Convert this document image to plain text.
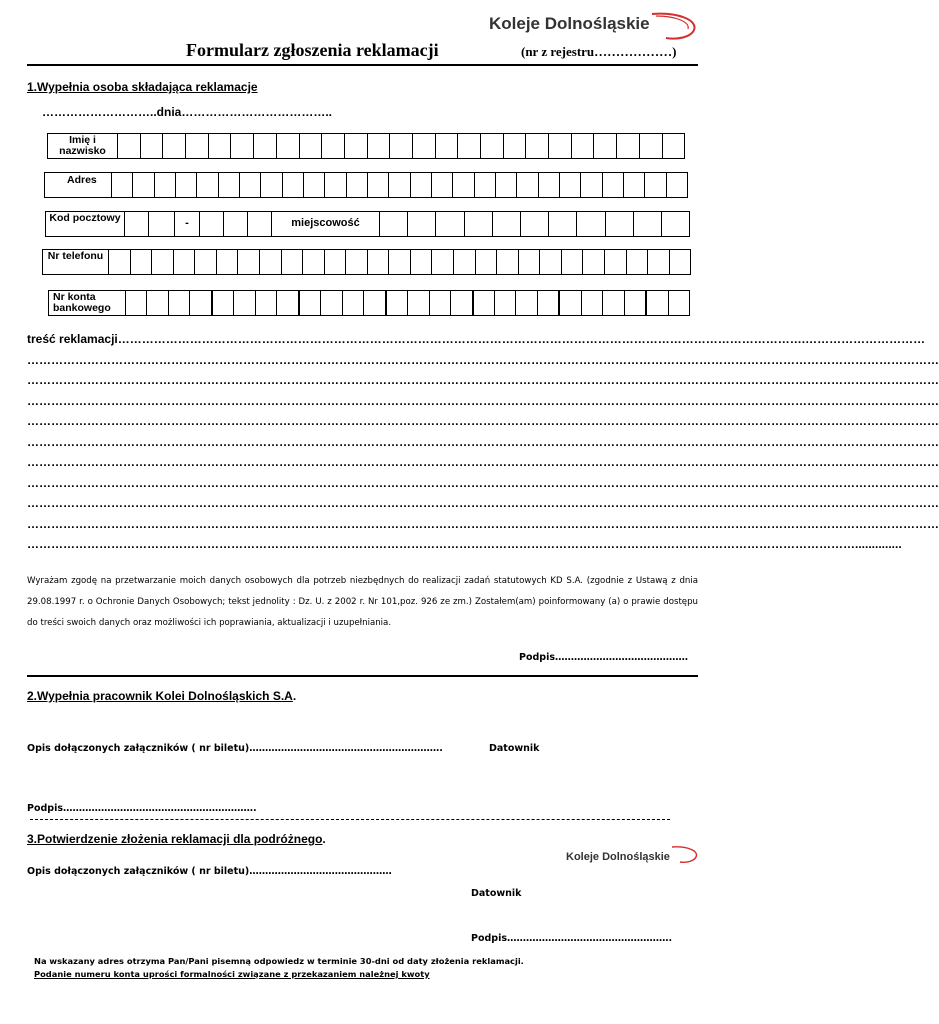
Koleje Dolnośląskie
Formularz zgłoszenia reklamacji	(nr z rejestru………………)
1.Wypełnia osoba składająca reklamacje
………………………..dnia………………………………..
Imię i nazwisko
Adres
Kod pocztowy	-	miejscowość
Nr telefonu
Nr konta bankowego
treść reklamacji……………………………………………………………………………………………………………………………………………………….…………………………
…………………………………………………………………………………………………………………………………………………………………………………………………………
…………………………………………………………………………………………………………………………………………………………………………………………………………
…………………………………………………………………………………………………………………………………………………………………………………………………………
…………………………………………………………………………………………………………………………………………………………………………………………………………
…………………………………………………………………………………………………………………………………………………………………………………………………………
…………………………………………………………………………………………………………………………………………………………………………………………………………
…………………………………………………………………………………………………………………………………………………………………………………………………………
…………………………………………………………………………………………………………………………………………………………………………………………………………
…………………………………………………………………………………………………………………………………………………………………………………………………………
………………………………………………………………………………………………………………………………………………………………………………………..............
Wyrażam zgodę na przetwarzanie moich danych osobowych dla potrzeb niezbędnych do realizacji zadań statutowych KD S.A. (zgodnie z Ustawą z dnia 29.08.1997 r. o Ochronie Danych Osobowych; tekst jednolity : Dz. U. z 2002 r. Nr 101,poz. 926 ze zm.) Zostałem(am) poinformowany (a) o prawie dostępu do treści swoich danych oraz możliwości ich poprawiania, aktualizacji i uzupełniania.
Podpis……………………………………
2.Wypełnia pracownik Kolei Dolnośląskich S.A.
Opis dołączonych załączników ( nr biletu)…………………………………………………….	Datownik
Podpis…………………………………………………….
3.Potwierdzenie złożenia reklamacji dla podróżnego.
Koleje Dolnośląskie
Opis dołączonych załączników ( nr biletu)………………………………………
Datownik
Podpis…………………………………………….
Na wskazany adres otrzyma Pan/Pani pisemną odpowiedz w terminie 30-dni od daty złożenia reklamacji.
Podanie numeru konta uprości formalności związane z przekazaniem należnej kwoty
